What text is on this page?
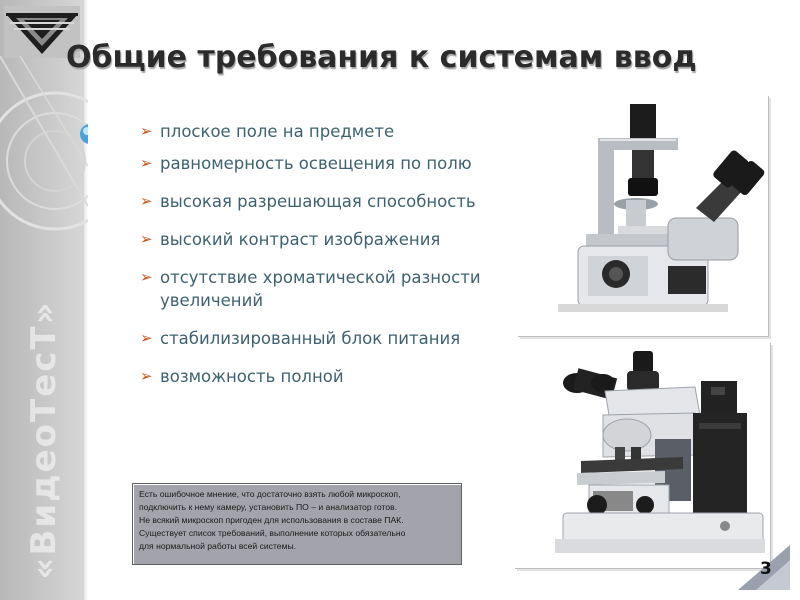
62
«ВидеоТесТ»
Общие требования к системам ввод
➢ плоское поле на предмете
➢ равномерность освещения по полю
➢ высокая разрешающая способность
➢ высокий контраст изображения
➢ отсутствие хроматической разности увеличений
➢ стабилизированный блок питания
➢ возможность полной
Есть ошибочное мнение, что достаточно взять любой микроскоп,
подключить к нему камеру, установить ПО – и анализатор готов.
Не всякий микроскоп пригоден для использования в составе ПАК.
Существует список требований, выполнение которых обязательно
для нормальной работы всей системы.
3
